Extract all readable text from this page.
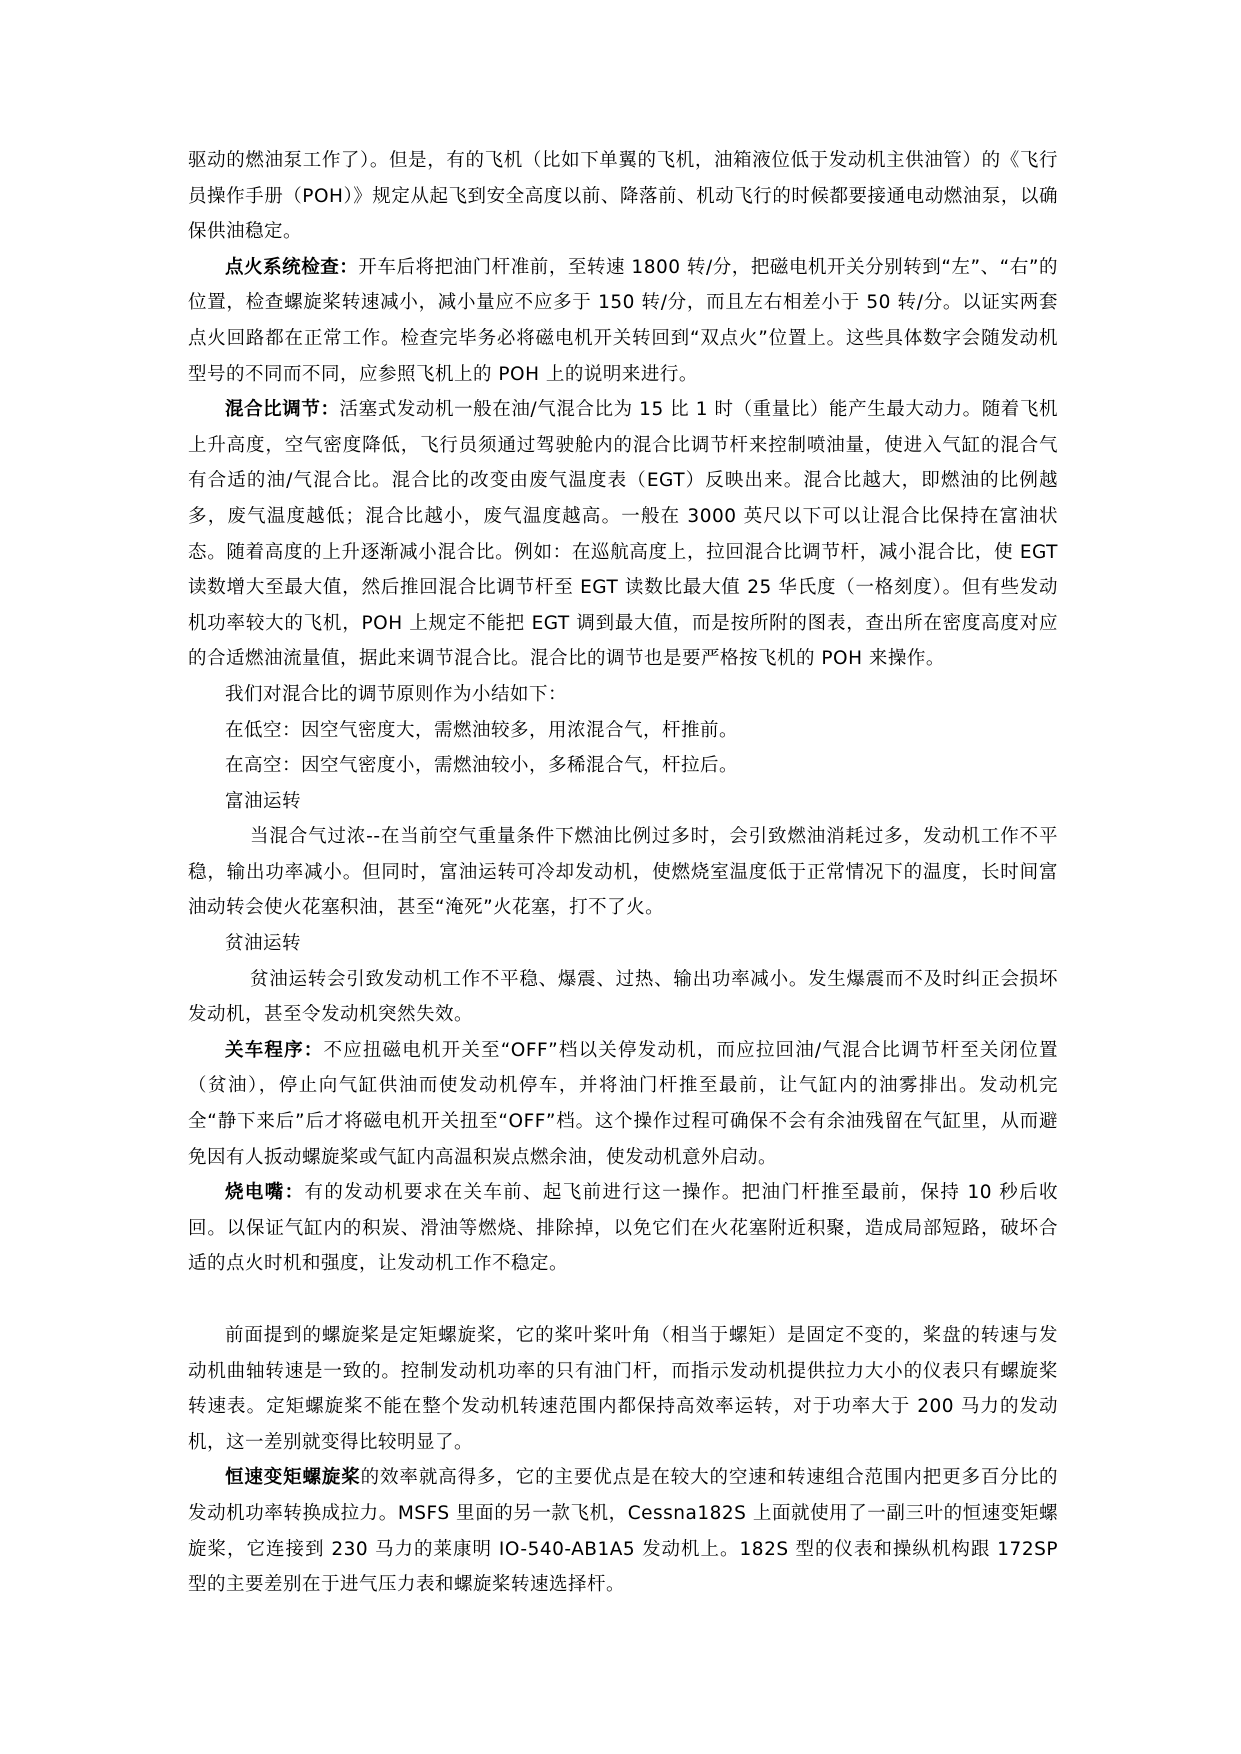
驱动的燃油泵工作了）。但是，有的飞机（比如下单翼的飞机，油箱液位低于发动机主供油管）的《飞行员操作手册（POH）》规定从起飞到安全高度以前、降落前、机动飞行的时候都要接通电动燃油泵，以确保供油稳定。

点火系统检查：开车后将把油门杆准前，至转速 1800 转/分，把磁电机开关分别转到“左”、“右”的位置，检查螺旋桨转速减小，减小量应不应多于 150 转/分，而且左右相差小于 50 转/分。以证实两套点火回路都在正常工作。检查完毕务必将磁电机开关转回到“双点火”位置上。这些具体数字会随发动机型号的不同而不同，应参照飞机上的 POH 上的说明来进行。

混合比调节：活塞式发动机一般在油/气混合比为 15 比 1 时（重量比）能产生最大动力。随着飞机上升高度，空气密度降低，飞行员须通过驾驶舱内的混合比调节杆来控制喷油量，使进入气缸的混合气有合适的油/气混合比。混合比的改变由废气温度表（EGT）反映出来。混合比越大，即燃油的比例越多，废气温度越低；混合比越小，废气温度越高。一般在 3000 英尺以下可以让混合比保持在富油状态。随着高度的上升逐渐减小混合比。例如：在巡航高度上，拉回混合比调节杆，减小混合比，使 EGT 读数增大至最大值，然后推回混合比调节杆至 EGT 读数比最大值 25 华氏度（一格刻度）。但有些发动机功率较大的飞机，POH 上规定不能把 EGT 调到最大值，而是按所附的图表，查出所在密度高度对应的合适燃油流量值，据此来调节混合比。混合比的调节也是要严格按飞机的 POH 来操作。

我们对混合比的调节原则作为小结如下：

在低空：因空气密度大，需燃油较多，用浓混合气，杆推前。

在高空：因空气密度小，需燃油较小，多稀混合气，杆拉后。

富油运转

当混合气过浓--在当前空气重量条件下燃油比例过多时，会引致燃油消耗过多，发动机工作不平稳，输出功率减小。但同时，富油运转可冷却发动机，使燃烧室温度低于正常情况下的温度，长时间富油动转会使火花塞积油，甚至“淹死”火花塞，打不了火。

贫油运转

贫油运转会引致发动机工作不平稳、爆震、过热、输出功率减小。发生爆震而不及时纠正会损坏发动机，甚至令发动机突然失效。

关车程序：不应扭磁电机开关至“OFF”档以关停发动机，而应拉回油/气混合比调节杆至关闭位置（贫油），停止向气缸供油而使发动机停车，并将油门杆推至最前，让气缸内的油雾排出。发动机完全“静下来后”后才将磁电机开关扭至“OFF”档。这个操作过程可确保不会有余油残留在气缸里，从而避免因有人扳动螺旋桨或气缸内高温积炭点燃余油，使发动机意外启动。

烧电嘴：有的发动机要求在关车前、起飞前进行这一操作。把油门杆推至最前，保持 10 秒后收回。以保证气缸内的积炭、滑油等燃烧、排除掉，以免它们在火花塞附近积聚，造成局部短路，破坏合适的点火时机和强度，让发动机工作不稳定。

前面提到的螺旋桨是定矩螺旋桨，它的桨叶桨叶角（相当于螺矩）是固定不变的，桨盘的转速与发动机曲轴转速是一致的。控制发动机功率的只有油门杆，而指示发动机提供拉力大小的仪表只有螺旋桨转速表。定矩螺旋桨不能在整个发动机转速范围内都保持高效率运转，对于功率大于 200 马力的发动机，这一差别就变得比较明显了。

恒速变矩螺旋桨的效率就高得多，它的主要优点是在较大的空速和转速组合范围内把更多百分比的发动机功率转换成拉力。MSFS 里面的另一款飞机，Cessna182S 上面就使用了一副三叶的恒速变矩螺旋桨，它连接到 230 马力的莱康明 IO-540-AB1A5 发动机上。182S 型的仪表和操纵机构跟 172SP 型的主要差别在于进气压力表和螺旋桨转速选择杆。
